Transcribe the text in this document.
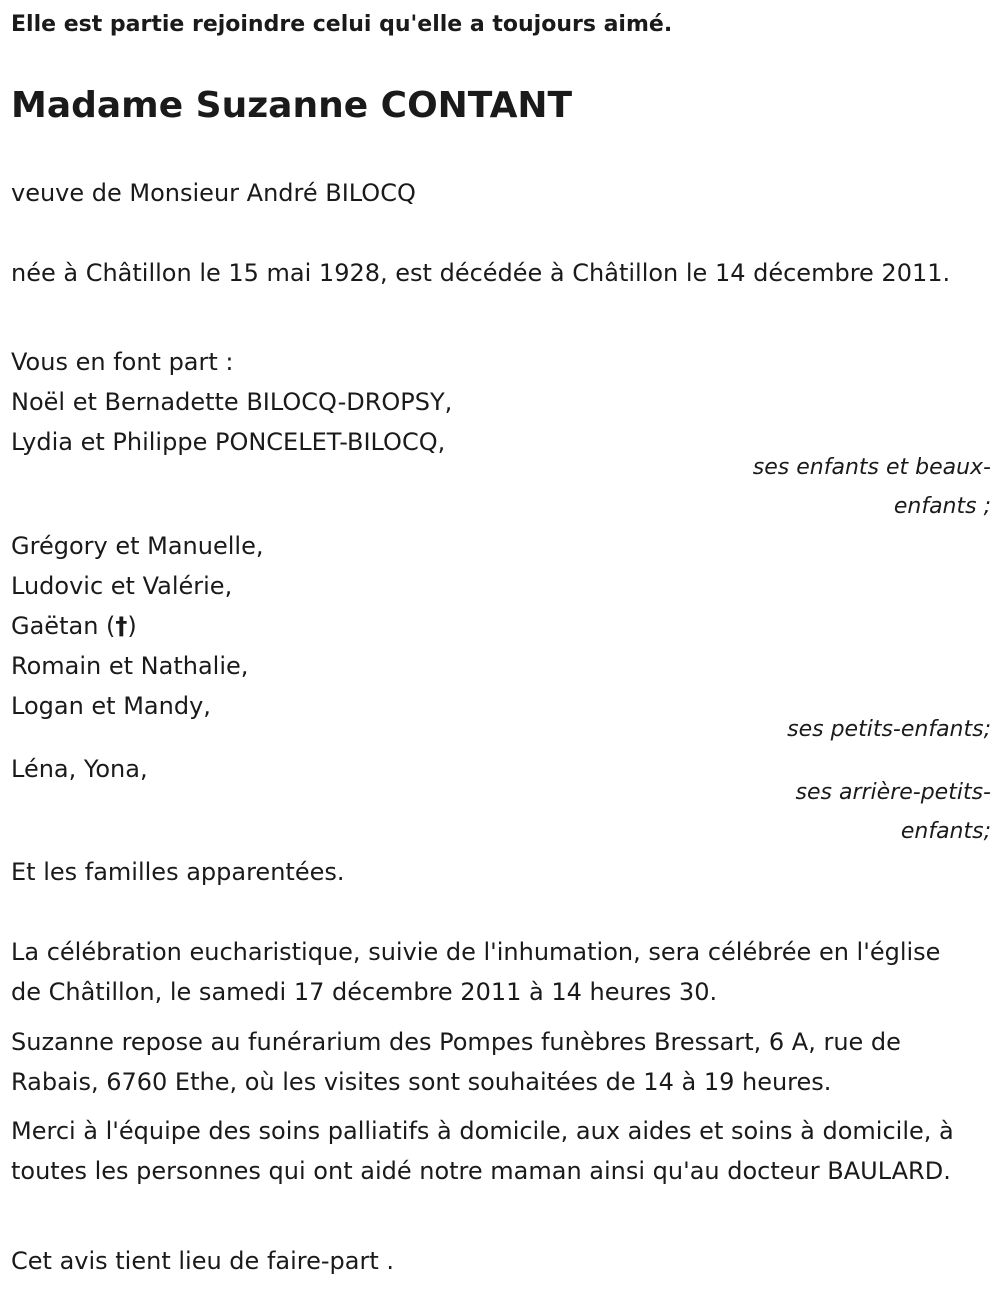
Elle est partie rejoindre celui qu'elle a toujours aimé.
Madame Suzanne CONTANT
veuve de Monsieur André BILOCQ
née à Châtillon le 15 mai 1928, est décédée à Châtillon le 14 décembre 2011.
Vous en font part :
Noël et Bernadette BILOCQ-DROPSY,
Lydia et Philippe PONCELET-BILOCQ,
ses enfants et beaux-enfants ;
Grégory et Manuelle,
Ludovic et Valérie,
Gaëtan (†)
Romain et Nathalie,
Logan et Mandy,
ses petits-enfants;
Léna, Yona,
ses arrière-petits-enfants;
Et les familles apparentées.
La célébration eucharistique, suivie de l'inhumation, sera célébrée en l'église de Châtillon, le samedi 17 décembre 2011 à 14 heures 30.
Suzanne repose au funérarium des Pompes funèbres Bressart, 6 A, rue de Rabais, 6760 Ethe, où les visites sont souhaitées de 14 à 19 heures.
Merci à l'équipe des soins palliatifs à domicile, aux aides et soins à domicile, à toutes les personnes qui ont aidé notre maman ainsi qu'au docteur BAULARD.
Cet avis tient lieu de faire-part .
